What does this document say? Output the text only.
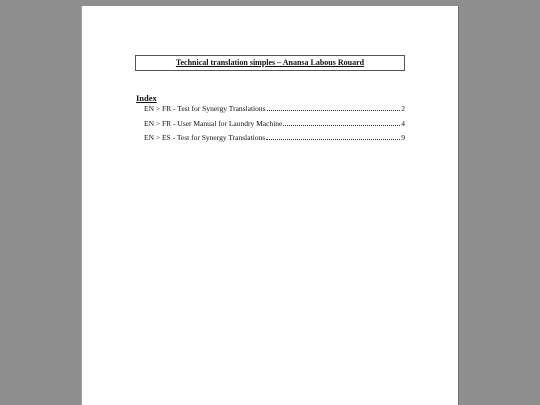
Technical translation simples – Anansa Labous Rouard
Index
EN > FR - Test for Synergy Translations	2
EN > FR - User Manual for Laundry Machine	4
EN > ES - Test for Synergy Translations	9
